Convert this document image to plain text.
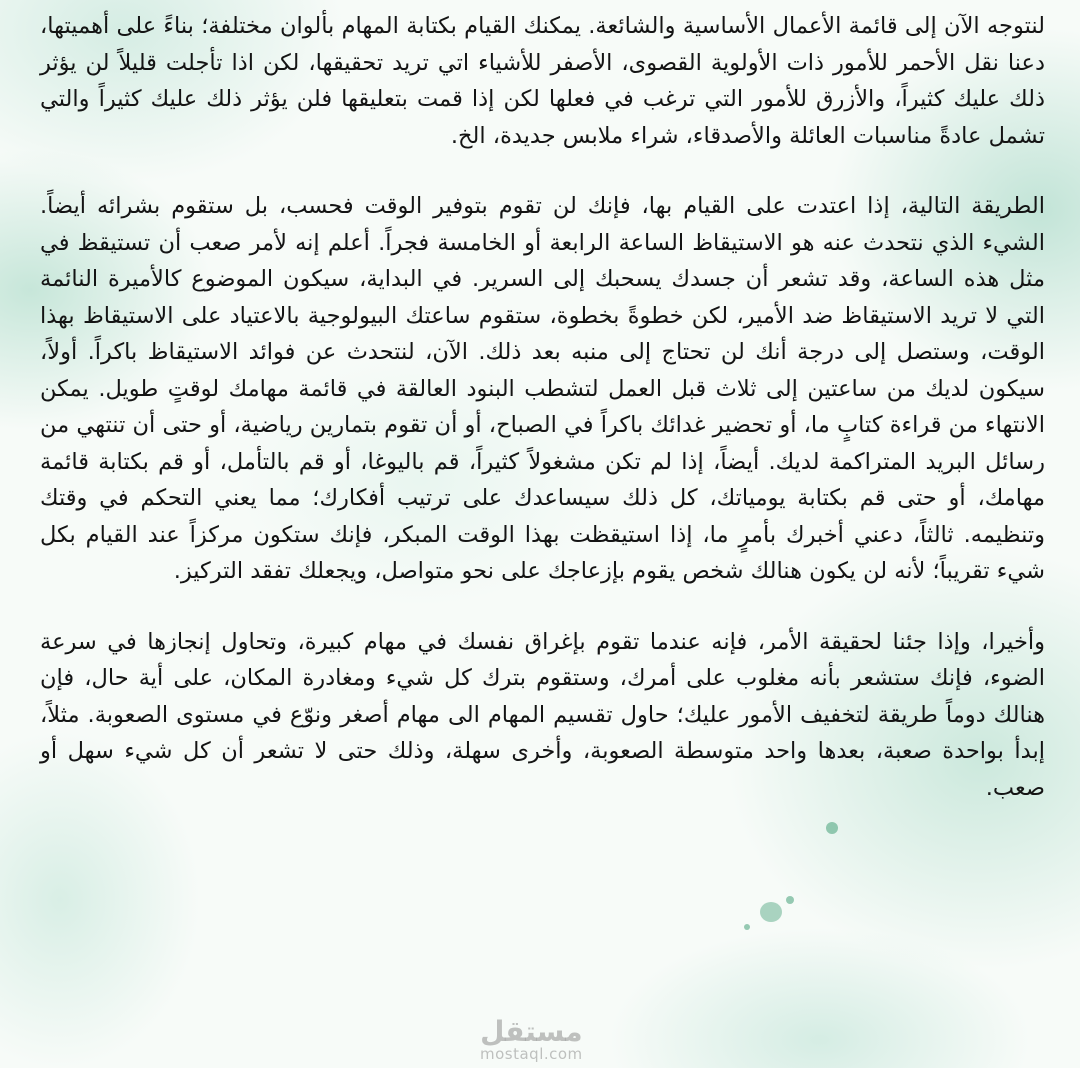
لنتوجه الآن إلى قائمة الأعمال الأساسية والشائعة. يمكنك القيام بكتابة المهام بألوان مختلفة؛ بناءً على أهميتها، دعنا نقل الأحمر للأمور ذات الأولوية القصوى، الأصفر للأشياء اتي تريد تحقيقها، لكن اذا تأجلت قليلاً لن يؤثر ذلك عليك كثيراً، والأزرق للأمور التي ترغب في فعلها لكن إذا قمت بتعليقها فلن يؤثر ذلك عليك كثيراً والتي تشمل عادةً مناسبات العائلة والأصدقاء، شراء ملابس جديدة، الخ.

الطريقة التالية، إذا اعتدت على القيام بها، فإنك لن تقوم بتوفير الوقت فحسب، بل ستقوم بشرائه أيضاً. الشيء الذي نتحدث عنه هو الاستيقاظ الساعة الرابعة أو الخامسة فجراً. أعلم إنه لأمر صعب أن تستيقظ في مثل هذه الساعة، وقد تشعر أن جسدك يسحبك إلى السرير. في البداية، سيكون الموضوع كالأميرة النائمة التي لا تريد الاستيقاظ ضد الأمير، لكن خطوةً بخطوة، ستقوم ساعتك البيولوجية بالاعتياد على الاستيقاظ بهذا الوقت، وستصل إلى درجة أنك لن تحتاج إلى منبه بعد ذلك. الآن، لنتحدث عن فوائد الاستيقاظ باكراً. أولاً، سيكون لديك من ساعتين إلى ثلاث قبل العمل لتشطب البنود العالقة في قائمة مهامك لوقتٍ طويل. يمكن الانتهاء من قراءة كتابٍ ما، أو تحضير غدائك باكراً في الصباح، أو أن تقوم بتمارين رياضية، أو حتى أن تنتهي من رسائل البريد المتراكمة لديك. أيضاً، إذا لم تكن مشغولاً كثيراً، قم باليوغا، أو قم بالتأمل، أو قم بكتابة قائمة مهامك، أو حتى قم بكتابة يومياتك، كل ذلك سيساعدك على ترتيب أفكارك؛ مما يعني التحكم في وقتك وتنظيمه. ثالثاً، دعني أخبرك بأمرٍ ما، إذا استيقظت بهذا الوقت المبكر، فإنك ستكون مركزاً عند القيام بكل شيء تقريباً؛ لأنه لن يكون هنالك شخص يقوم بإزعاجك على نحو متواصل، ويجعلك تفقد التركيز.

وأخيرا، وإذا جئنا لحقيقة الأمر، فإنه عندما تقوم بإغراق نفسك في مهام كبيرة، وتحاول إنجازها في سرعة الضوء، فإنك ستشعر بأنه مغلوب على أمرك، وستقوم بترك كل شيء ومغادرة المكان، على أية حال، فإن هنالك دوماً طريقة لتخفيف الأمور عليك؛ حاول تقسيم المهام الى مهام أصغر ونوّع في مستوى الصعوبة. مثلاً، إبدأ بواحدة صعبة، بعدها واحد متوسطة الصعوبة، وأخرى سهلة، وذلك حتى لا تشعر أن كل شيء سهل أو صعب.

مستقل
mostaql.com
